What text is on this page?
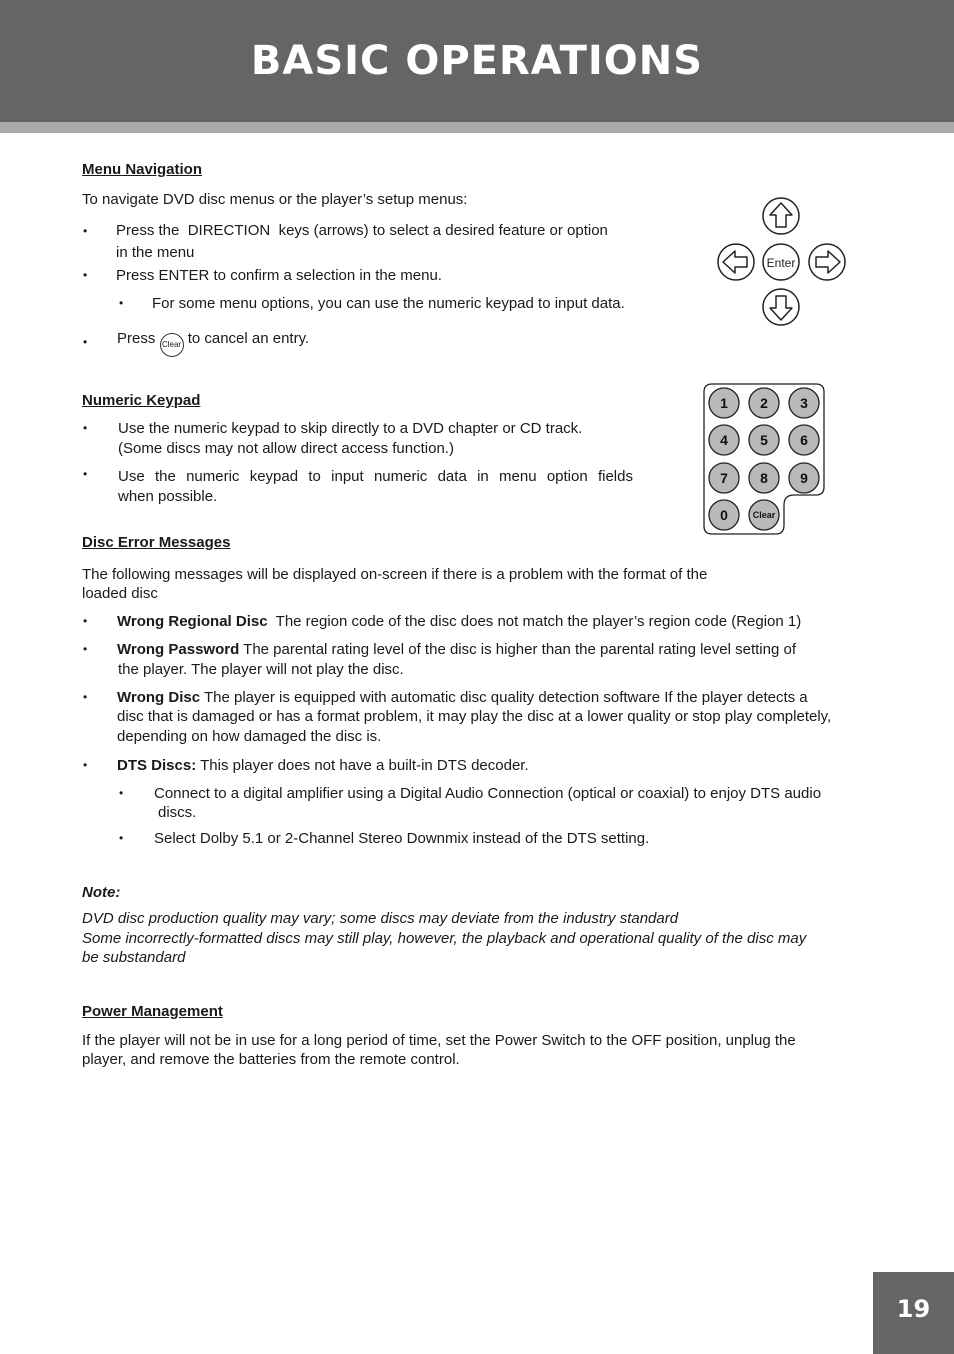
BASIC OPERATIONS
Menu Navigation
To navigate DVD disc menus or the player’s setup menus:
• Press the DIRECTION keys (arrows) to select a desired feature or option
in the menu
• Press ENTER to confirm a selection in the menu.
• For some menu options, you can use the numeric keypad to input data.
• Press Clear to cancel an entry.
Enter
Numeric Keypad
• Use the numeric keypad to skip directly to a DVD chapter or CD track.
(Some discs may not allow direct access function.)
• Use the numeric keypad to input numeric data in menu option fields
when possible.
1 2 3
4 5 6
7 8 9
0	Clear
Disc Error Messages
The following messages will be displayed on-screen if there is a problem with the format of the
loaded disc
• Wrong Regional Disc The region code of the disc does not match the player’s region code (Region 1)
• Wrong Password The parental rating level of the disc is higher than the parental rating level setting of
the player. The player will not play the disc.
• Wrong Disc The player is equipped with automatic disc quality detection software If the player detects a
disc that is damaged or has a format problem, it may play the disc at a lower quality or stop play completely,
depending on how damaged the disc is.
• DTS Discs: This player does not have a built-in DTS decoder.
• Connect to a digital amplifier using a Digital Audio Connection (optical or coaxial) to enjoy DTS audio
discs.
• Select Dolby 5.1 or 2-Channel Stereo Downmix instead of the DTS setting.
Note:
DVD disc production quality may vary; some discs may deviate from the industry standard
Some incorrectly-formatted discs may still play, however, the playback and operational quality of the disc may
be substandard
Power Management
If the player will not be in use for a long period of time, set the Power Switch to the OFF position, unplug the
player, and remove the batteries from the remote control.
19
